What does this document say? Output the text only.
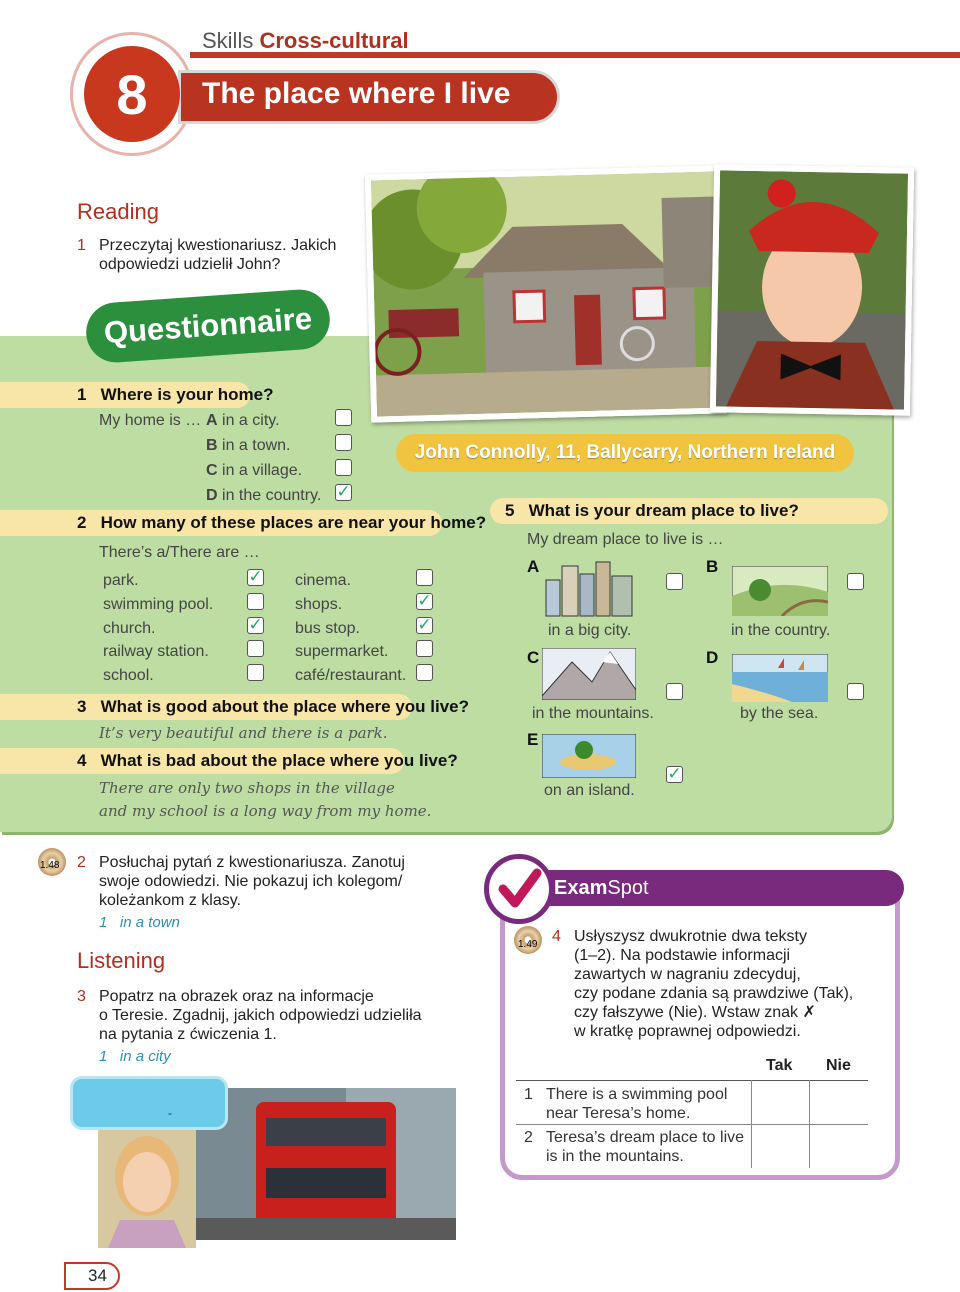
Skills Cross-cultural
8	The place where I live
Reading
1 Przeczytaj kwestionariusz. Jakich
odpowiedzi udzielił John?
Questionnaire
John Connolly, 11, Ballycarry, Northern Ireland
1 Where is your home?
My home is … A in a city.
B in a town.
C in a village.
D in the country. ✓
2 How many of these places are near your home?
There’s a/There are …
park.
swimming pool.
church.
railway station.
school.
✓
✓
cinema.
shops.
bus stop.
supermarket.
café/restaurant.
✓
✓
3 What is good about the place where you live?
It’s very beautiful and there is a park.
4 What is bad about the place where you live?
There are only two shops in the village
and my school is a long way from my home.
5 What is your dream place to live?
My dream place to live is …
A
in a big city.
B
in the country.
C
in the mountains.
D
by the sea.
E
✓
on an island.
1.48 2 Posłuchaj pytań z kwestionariusza. Zanotuj
swoje odowiedzi. Nie pokazuj ich kolegom/
koleżankom z klasy.
1 in a town
Listening
3 Popatrz na obrazek oraz na informacje
o Teresie. Zgadnij, jakich odpowiedzi udzieliła
na pytania z ćwiczenia 1.
1 in a city
-
ExamSpot
1.49 4 Usłyszysz dwukrotnie dwa teksty
(1–2). Na podstawie informacji
zawartych w nagraniu zdecyduj,
czy podane zdania są prawdziwe (Tak),
czy fałszywe (Nie). Wstaw znak ✗
w kratkę poprawnej odpowiedzi.
Tak Nie
1 There is a swimming pool
near Teresa’s home.
2 Teresa’s dream place to live
is in the mountains.
34
